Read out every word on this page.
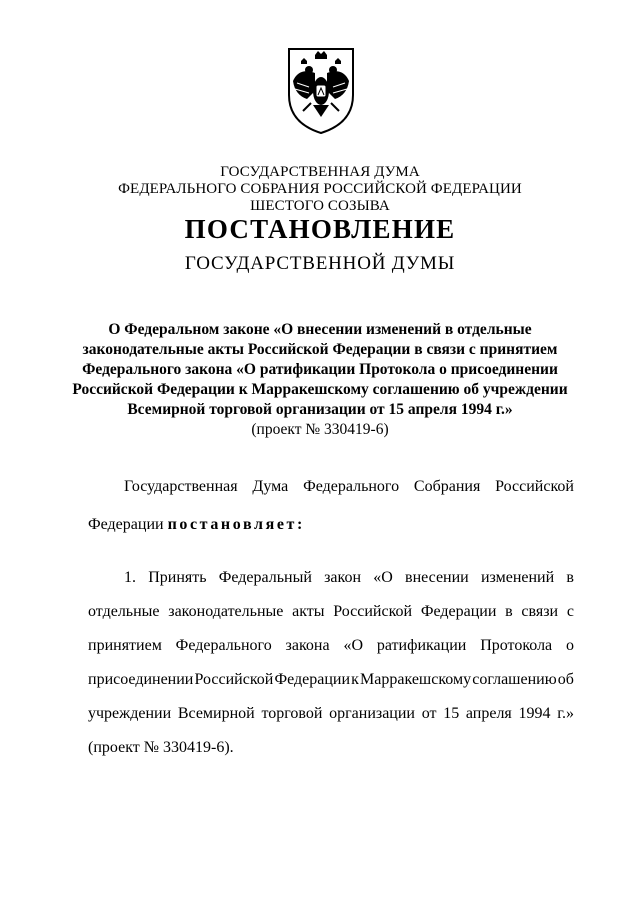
ГОСУДАРСТВЕННАЯ ДУМА
ФЕДЕРАЛЬНОГО СОБРАНИЯ РОССИЙСКОЙ ФЕДЕРАЦИИ
ШЕСТОГО СОЗЫВА
ПОСТАНОВЛЕНИЕ
ГОСУДАРСТВЕННОЙ ДУМЫ
О Федеральном законе «О внесении изменений в отдельные
законодательные акты Российской Федерации в связи с принятием
Федерального закона «О ратификации Протокола о присоединении
Российской Федерации к Марракешскому соглашению об учреждении
Всемирной торговой организации от 15 апреля 1994 г.»
(проект № 330419-6)
Государственная Дума Федерального Собрания Российской
Федерации постановляет:
1. Принять Федеральный закон «О внесении изменений в
отдельные законодательные акты Российской Федерации в связи с
принятием Федерального закона «О ратификации Протокола о
присоединении Российской Федерации к Марракешскому соглашению об
учреждении Всемирной торговой организации от 15 апреля 1994 г.»
(проект № 330419-6).
